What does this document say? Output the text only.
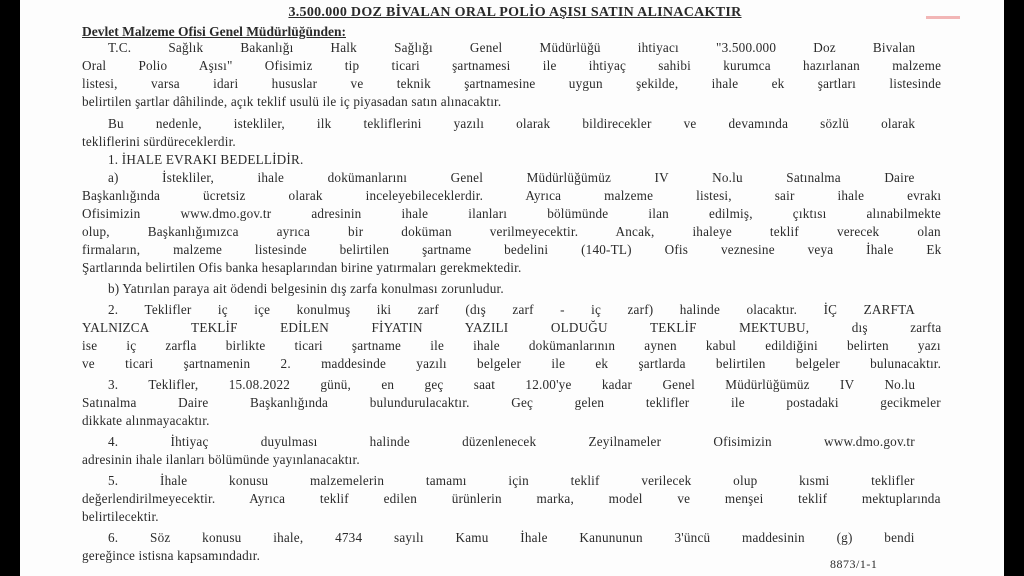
3.500.000 DOZ BİVALAN ORAL POLİO AŞISI SATIN ALINACAKTIR
Devlet Malzeme Ofisi Genel Müdürlüğünden:
T.C. Sağlık Bakanlığı Halk Sağlığı Genel Müdürlüğü ihtiyacı "3.500.000 Doz Bivalan
Oral Polio Aşısı" Ofisimiz tip ticari şartnamesi ile ihtiyaç sahibi kurumca hazırlanan malzeme
listesi, varsa idari hususlar ve teknik şartnamesine uygun şekilde, ihale ek şartları listesinde
belirtilen şartlar dâhilinde, açık teklif usulü ile iç piyasadan satın alınacaktır.
Bu nedenle, istekliler, ilk tekliflerini yazılı olarak bildirecekler ve devamında sözlü olarak
tekliflerini sürdüreceklerdir.
1. İHALE EVRAKI BEDELLİDİR.
a) İstekliler, ihale dokümanlarını Genel Müdürlüğümüz IV No.lu Satınalma Daire
Başkanlığında ücretsiz olarak inceleyebileceklerdir. Ayrıca malzeme listesi, sair ihale evrakı
Ofisimizin www.dmo.gov.tr adresinin ihale ilanları bölümünde ilan edilmiş, çıktısı alınabilmekte
olup, Başkanlığımızca ayrıca bir doküman verilmeyecektir. Ancak, ihaleye teklif verecek olan
firmaların, malzeme listesinde belirtilen şartname bedelini (140-TL) Ofis veznesine veya İhale Ek
Şartlarında belirtilen Ofis banka hesaplarından birine yatırmaları gerekmektedir.
b) Yatırılan paraya ait ödendi belgesinin dış zarfa konulması zorunludur.
2. Teklifler iç içe konulmuş iki zarf (dış zarf - iç zarf) halinde olacaktır. İÇ ZARFTA
YALNIZCA TEKLİF EDİLEN FİYATIN YAZILI OLDUĞU TEKLİF MEKTUBU, dış zarfta
ise iç zarfla birlikte ticari şartname ile ihale dokümanlarının aynen kabul edildiğini belirten yazı
ve ticari şartnamenin 2. maddesinde yazılı belgeler ile ek şartlarda belirtilen belgeler bulunacaktır.
3. Teklifler, 15.08.2022 günü, en geç saat 12.00'ye kadar Genel Müdürlüğümüz IV No.lu
Satınalma Daire Başkanlığında bulundurulacaktır. Geç gelen teklifler ile postadaki gecikmeler
dikkate alınmayacaktır.
4. İhtiyaç duyulması halinde düzenlenecek Zeyilnameler Ofisimizin www.dmo.gov.tr
adresinin ihale ilanları bölümünde yayınlanacaktır.
5. İhale konusu malzemelerin tamamı için teklif verilecek olup kısmi teklifler
değerlendirilmeyecektir. Ayrıca teklif edilen ürünlerin marka, model ve menşei teklif mektuplarında
belirtilecektir.
6. Söz konusu ihale, 4734 sayılı Kamu İhale Kanununun 3'üncü maddesinin (g) bendi
gereğince istisna kapsamındadır.
8873/1-1
